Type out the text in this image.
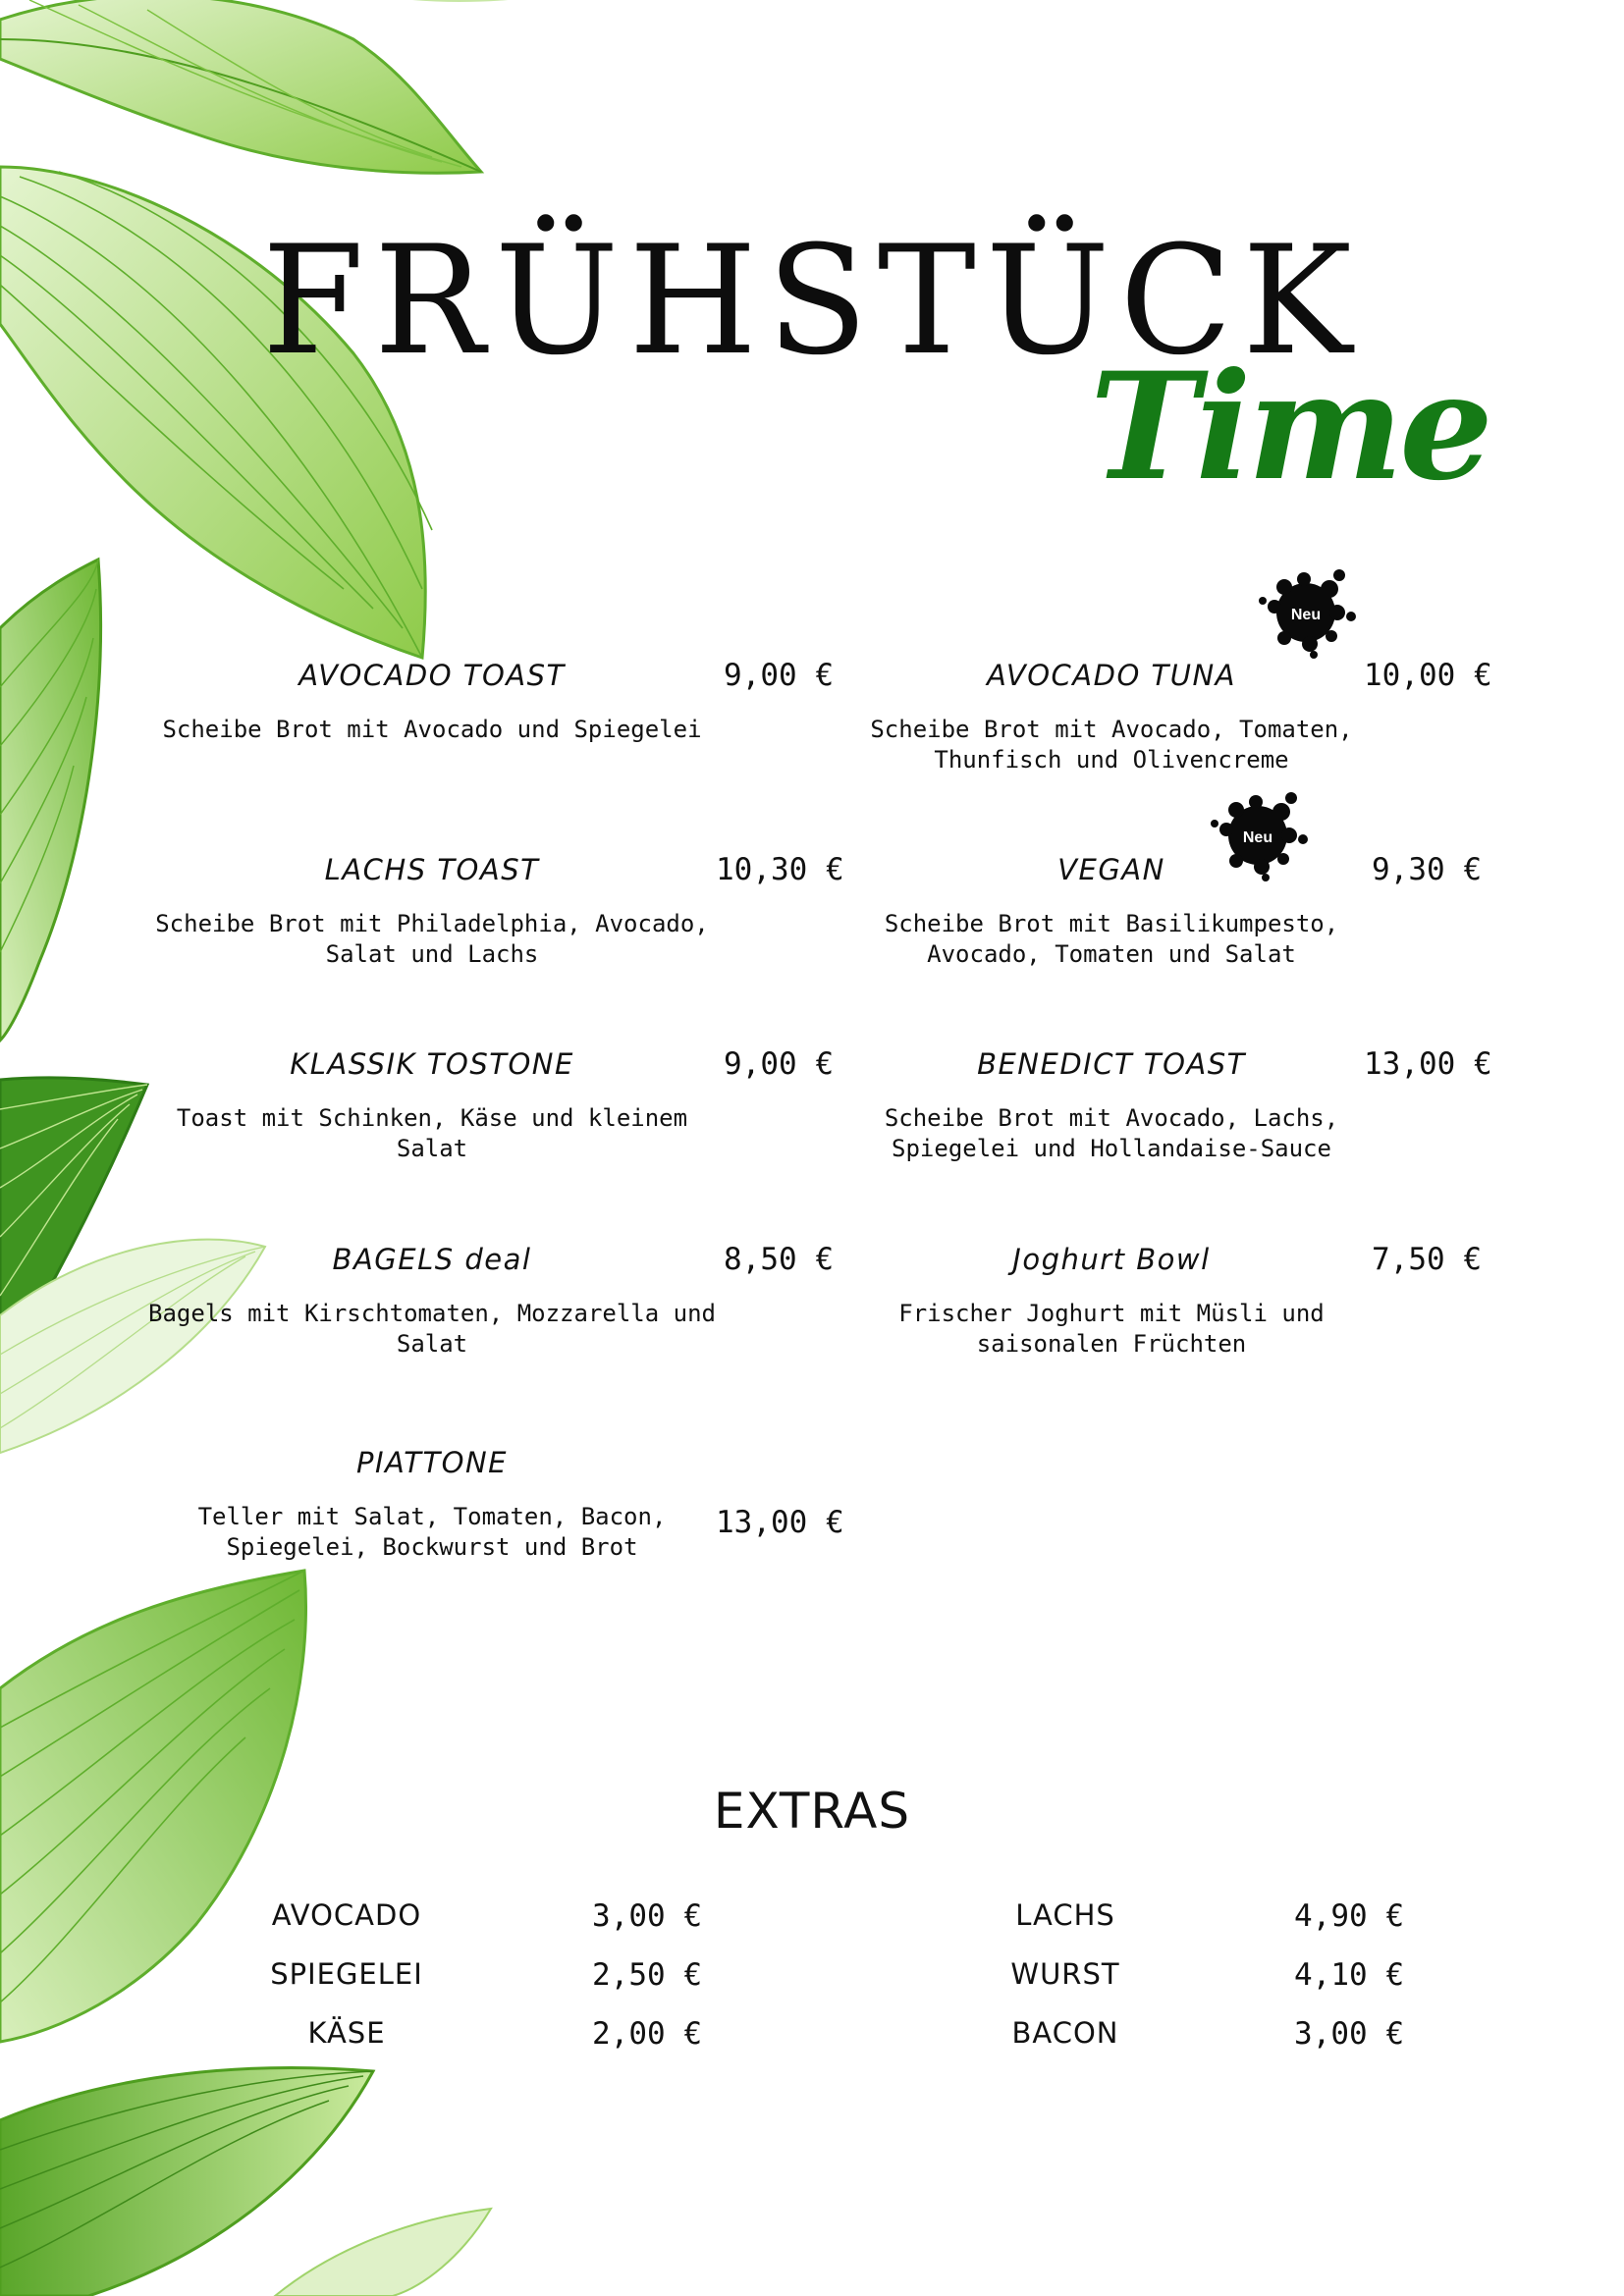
FRÜHSTÜCK
Time
AVOCADO TOAST	9,00 €
Scheibe Brot mit Avocado und Spiegelei
LACHS TOAST	10,30 €
Scheibe Brot mit Philadelphia, Avocado, Salat und Lachs
KLASSIK TOSTONE	9,00 €
Toast mit Schinken, Käse und kleinem Salat
BAGELS deal	8,50 €
Bagels mit Kirschtomaten, Mozzarella und Salat
PIATTONE
Teller mit Salat, Tomaten, Bacon, Spiegelei, Bockwurst und Brot
13,00 €
AVOCADO TUNA	10,00 €
Scheibe Brot mit Avocado, Tomaten, Thunfisch und Olivencreme
VEGAN	9,30 €
Scheibe Brot mit Basilikumpesto, Avocado, Tomaten und Salat
BENEDICT TOAST	13,00 €
Scheibe Brot mit Avocado, Lachs, Spiegelei und Hollandaise-Sauce
Joghurt Bowl	7,50 €
Frischer Joghurt mit Müsli und saisonalen Früchten
Neu
Neu
EXTRAS
AVOCADO	3,00 €
SPIEGELEI	2,50 €
KÄSE	2,00 €
LACHS	4,90 €
WURST	4,10 €
BACON	3,00 €
